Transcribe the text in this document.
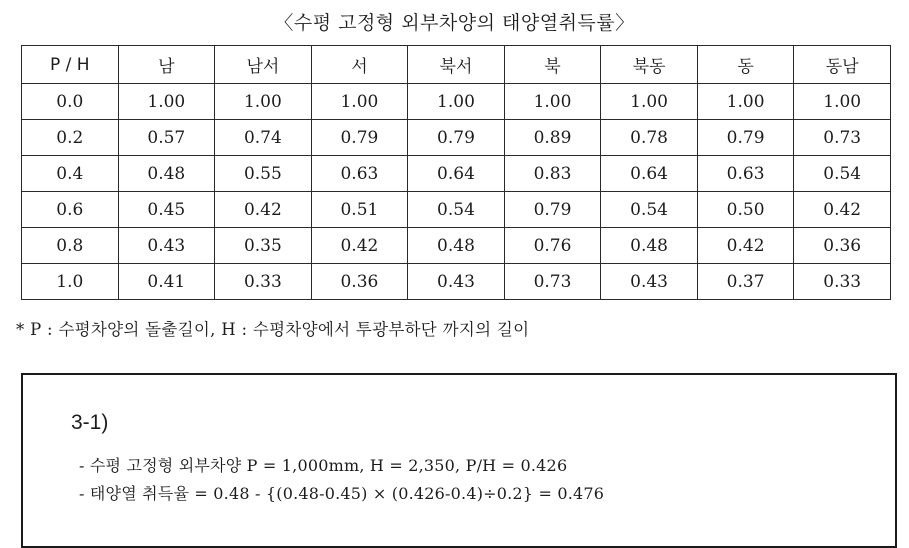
〈수평 고정형 외부차양의 태양열취득률〉
P / H	남	남서	서	북서	북	북동	동	동남
0.0	1.00	1.00	1.00	1.00	1.00	1.00	1.00	1.00
0.2	0.57	0.74	0.79	0.79	0.89	0.78	0.79	0.73
0.4	0.48	0.55	0.63	0.64	0.83	0.64	0.63	0.54
0.6	0.45	0.42	0.51	0.54	0.79	0.54	0.50	0.42
0.8	0.43	0.35	0.42	0.48	0.76	0.48	0.42	0.36
1.0	0.41	0.33	0.36	0.43	0.73	0.43	0.37	0.33
* P : 수평차양의 돌출길이, H : 수평차양에서 투광부하단 까지의 길이
3-1)
- 수평 고정형 외부차양 P = 1,000mm, H = 2,350, P/H = 0.426
- 태양열 취득율 = 0.48 - {(0.48-0.45) × (0.426-0.4)÷0.2} = 0.476
